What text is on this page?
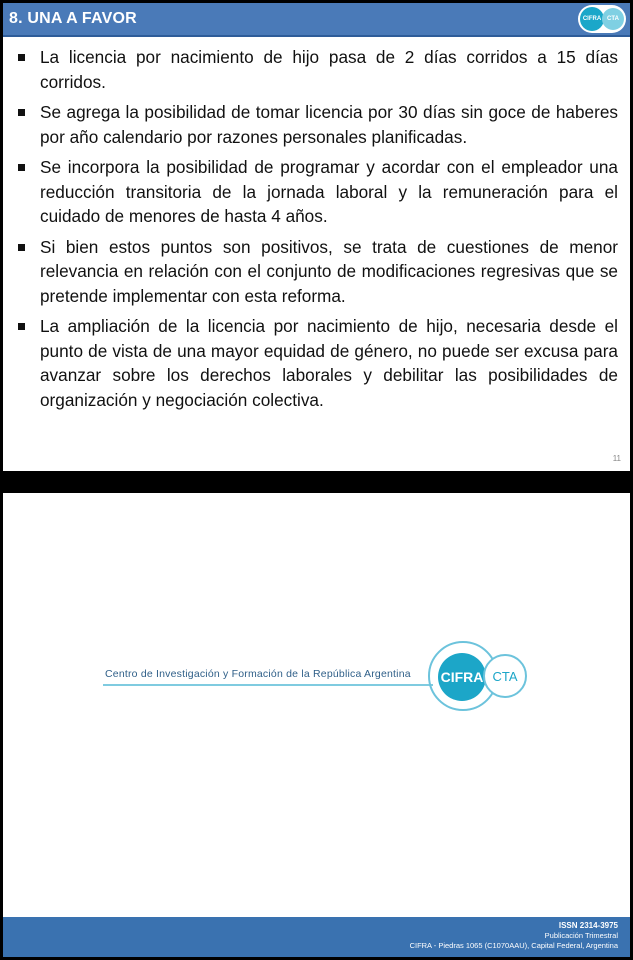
8. UNA A FAVOR	CIFRA CTA
La licencia por nacimiento de hijo pasa de 2 días corridos a 15 días corridos.
Se agrega la posibilidad de tomar licencia por 30 días sin goce de haberes por año calendario por razones personales planificadas.
Se incorpora la posibilidad de programar y acordar con el empleador una reducción transitoria de la jornada laboral y la remuneración para el cuidado de menores de hasta 4 años.
Si bien estos puntos son positivos, se trata de cuestiones de menor relevancia en relación con el conjunto de modificaciones regresivas que se pretende implementar con esta reforma.
La ampliación de la licencia por nacimiento de hijo, necesaria desde el punto de vista de una mayor equidad de género, no puede ser excusa para avanzar sobre los derechos laborales y debilitar las posibilidades de organización y negociación colectiva.
11
Centro de Investigación y Formación de la República Argentina CIFRA CTA
ISSN 2314-3975
Publicación Trimestral
CIFRA - Piedras 1065 (C1070AAU), Capital Federal, Argentina
